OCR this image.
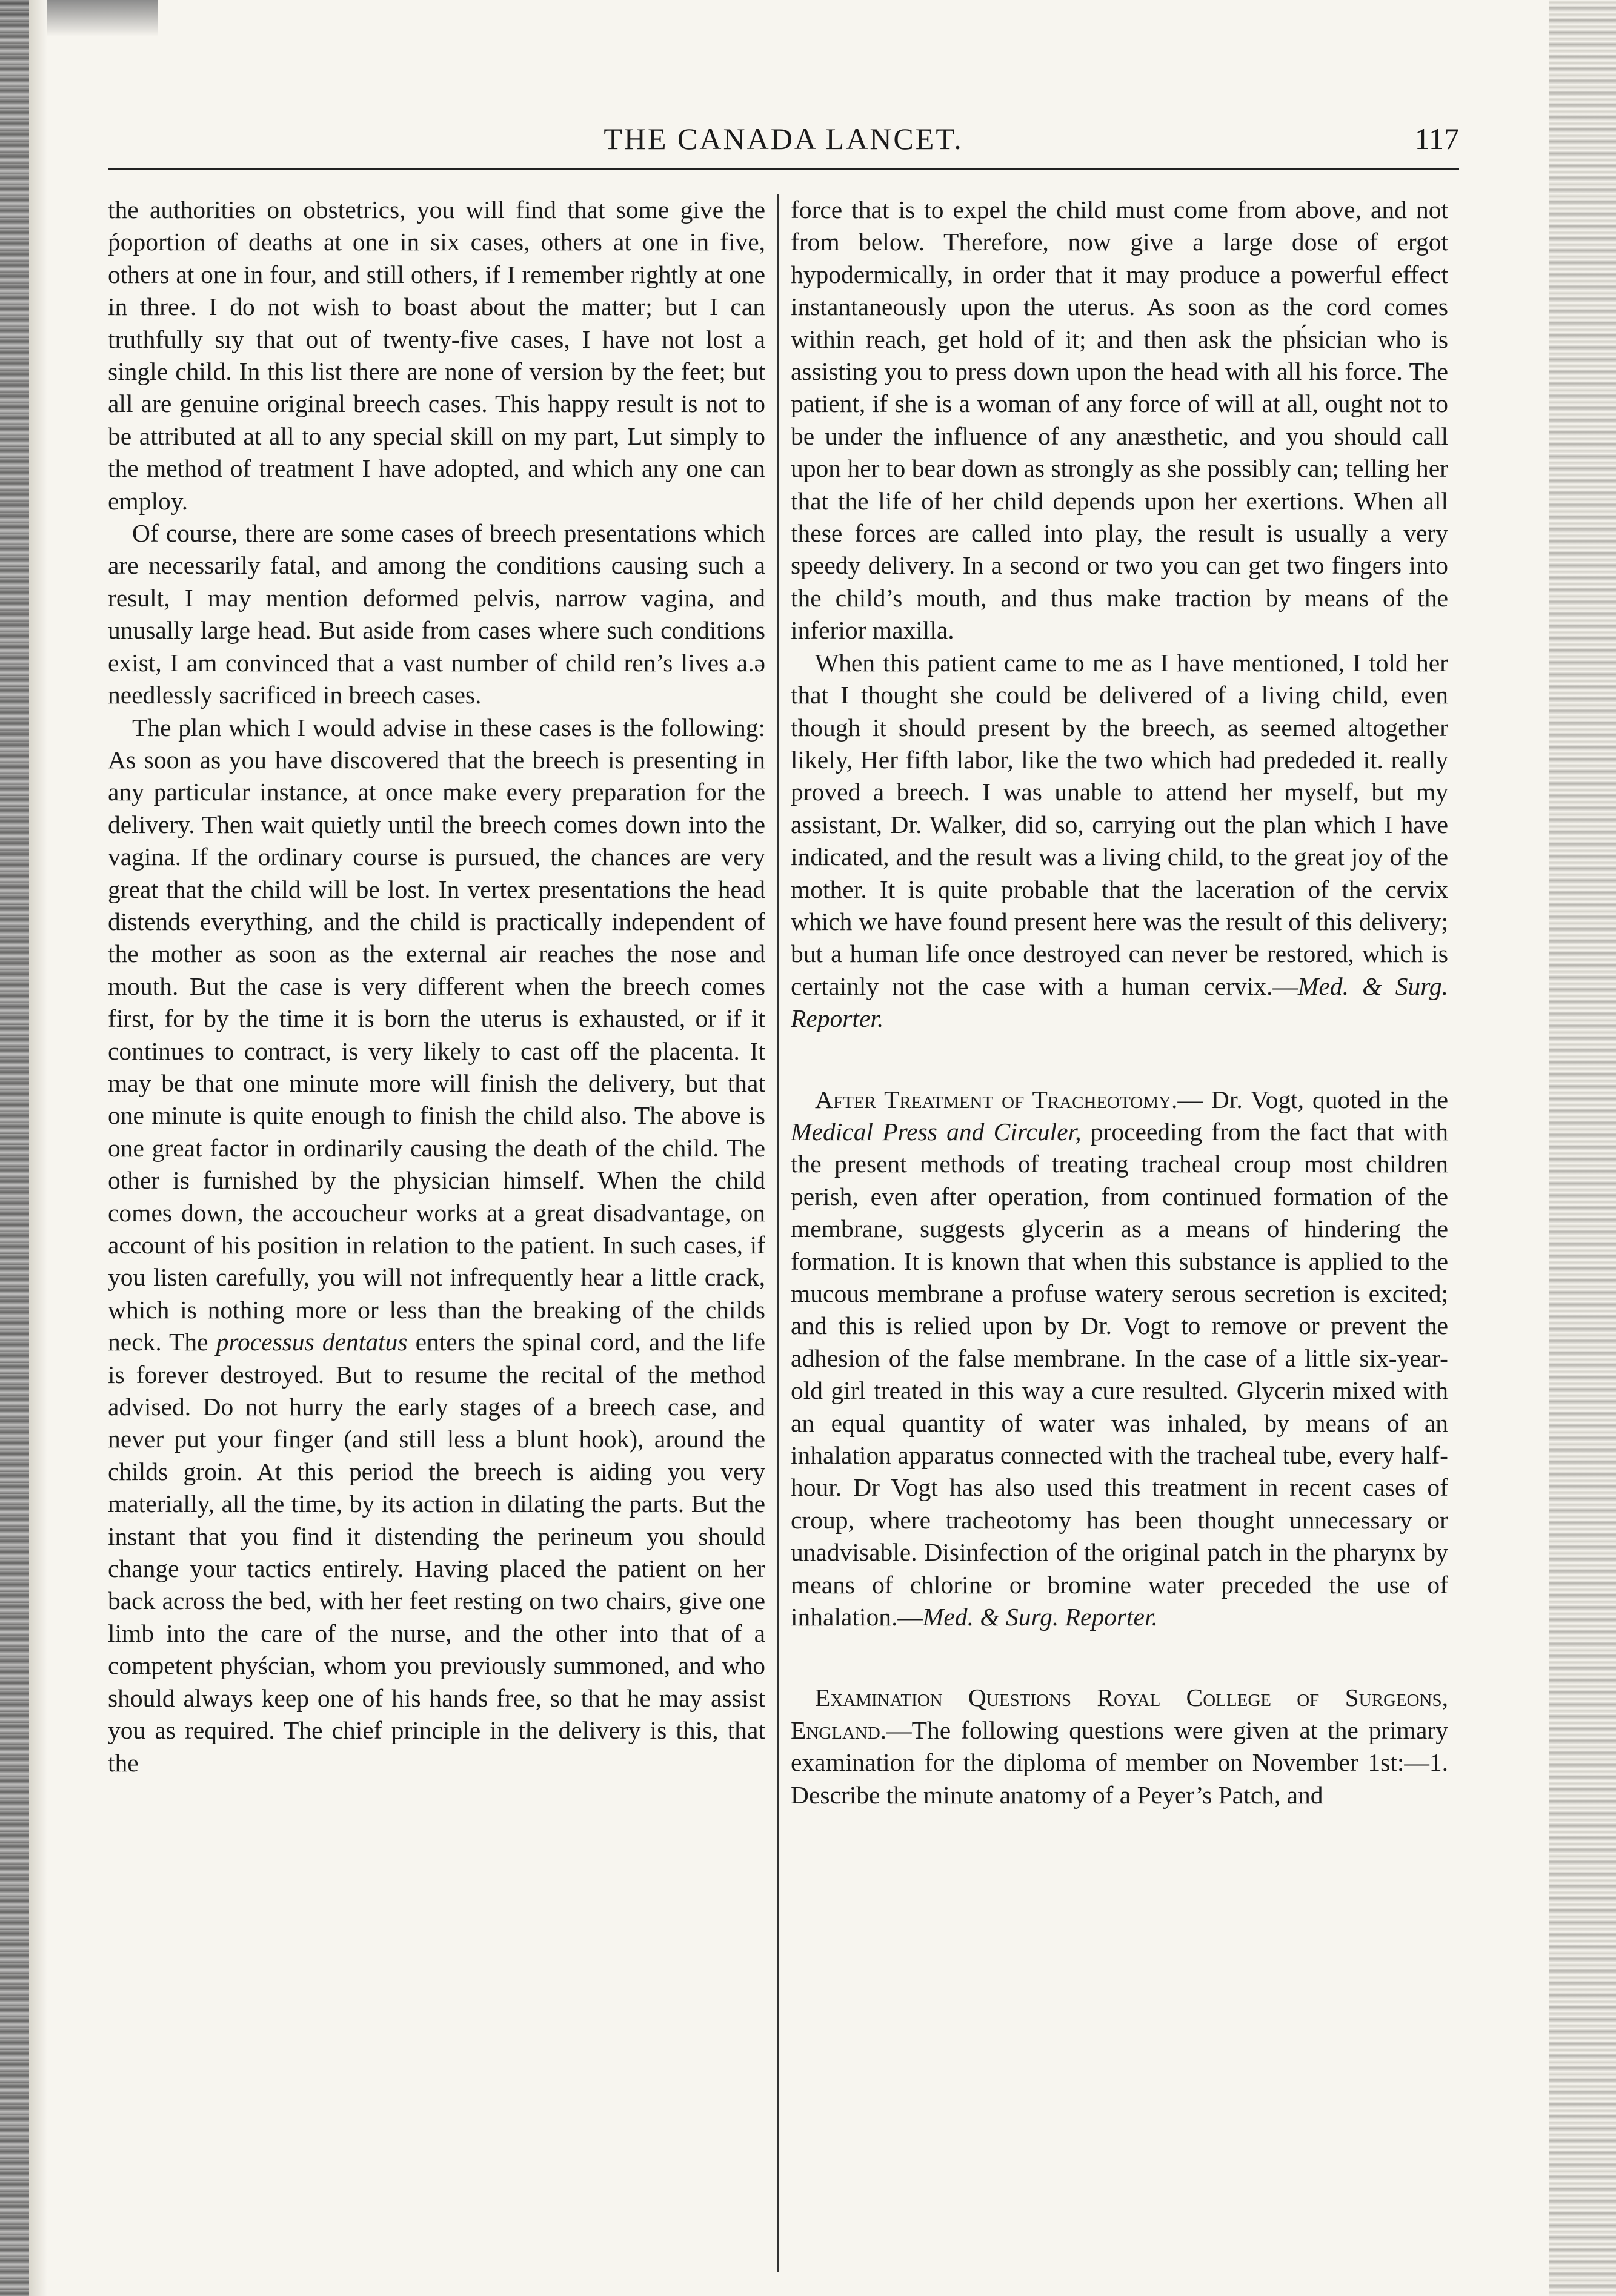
THE CANADA LANCET.	117

the authorities on obstetrics, you will find that some give the ṕoportion of deaths at one in six cases, others at one in five, others at one in four, and still others, if I remember rightly at one in three. I do not wish to boast about the matter; but I can truthfully sıy that out of twenty-five cases, I have not lost a single child. In this list there are none of version by the feet; but all are genuine original breech cases. This happy result is not to be attributed at all to any special skill on my part, Lut simply to the method of treatment I have adopted, and which any one can employ.

Of course, there are some cases of breech presentations which are necessarily fatal, and among the conditions causing such a result, I may mention deformed pelvis, narrow vagina, and unusally large head. But aside from cases where such conditions exist, I am convinced that a vast number of child ren’s lives a.ə needlessly sacrificed in breech cases.

The plan which I would advise in these cases is the following: As soon as you have discovered that the breech is presenting in any particular instance, at once make every preparation for the delivery. Then wait quietly until the breech comes down into the vagina. If the ordinary course is pursued, the chances are very great that the child will be lost. In vertex presentations the head distends everything, and the child is practically independent of the mother as soon as the external air reaches the nose and mouth. But the case is very different when the breech comes first, for by the time it is born the uterus is exhausted, or if it continues to contract, is very likely to cast off the placenta. It may be that one minute more will finish the delivery, but that one minute is quite enough to finish the child also. The above is one great factor in ordinarily causing the death of the child. The other is furnished by the physician himself. When the child comes down, the accoucheur works at a great disadvantage, on account of his position in relation to the patient. In such cases, if you listen carefully, you will not infrequently hear a little crack, which is nothing more or less than the breaking of the childs neck. The processus dentatus enters the spinal cord, and the life is forever destroyed. But to resume the recital of the method advised. Do not hurry the early stages of a breech case, and never put your finger (and still less a blunt hook), around the childs groin. At this period the breech is aiding you very materially, all the time, by its action in dilating the parts. But the instant that you find it distending the perineum you should change your tactics entirely. Having placed the patient on her back across the bed, with her feet resting on two chairs, give one limb into the care of the nurse, and the other into that of a competent phyścian, whom you previously summoned, and who should always keep one of his hands free, so that he may assist you as required. The chief principle in the delivery is this, that the

force that is to expel the child must come from above, and not from below. Therefore, now give a large dose of ergot hypodermically, in order that it may produce a powerful effect instantaneously upon the uterus. As soon as the cord comes within reach, get hold of it; and then ask the ph́sician who is assisting you to press down upon the head with all his force. The patient, if she is a woman of any force of will at all, ought not to be under the influence of any anæsthetic, and you should call upon her to bear down as strongly as she possibly can; telling her that the life of her child depends upon her exertions. When all these forces are called into play, the result is usually a very speedy delivery. In a second or two you can get two fingers into the child’s mouth, and thus make traction by means of the inferior maxilla.

When this patient came to me as I have mentioned, I told her that I thought she could be delivered of a living child, even though it should present by the breech, as seemed altogether likely, Her fifth labor, like the two which had prededed it. really proved a breech. I was unable to attend her myself, but my assistant, Dr. Walker, did so, carrying out the plan which I have indicated, and the result was a living child, to the great joy of the mother. It is quite probable that the laceration of the cervix which we have found present here was the result of this delivery; but a human life once destroyed can never be restored, which is certainly not the case with a human cervix.—Med. & Surg. Reporter.

After Treatment of Tracheotomy.— Dr. Vogt, quoted in the Medical Press and Circuler, proceeding from the fact that with the present methods of treating tracheal croup most children perish, even after operation, from continued formation of the membrane, suggests glycerin as a means of hindering the formation. It is known that when this substance is applied to the mucous membrane a profuse watery serous secretion is excited; and this is relied upon by Dr. Vogt to remove or prevent the adhesion of the false membrane. In the case of a little six-year-old girl treated in this way a cure resulted. Glycerin mixed with an equal quantity of water was inhaled, by means of an inhalation apparatus connected with the tracheal tube, every half-hour. Dr Vogt has also used this treatment in recent cases of croup, where tracheotomy has been thought unnecessary or unadvisable. Disinfection of the original patch in the pharynx by means of chlorine or bromine water preceded the use of inhalation.—Med. & Surg. Reporter.

Examination Questions Royal College of Surgeons, England.—The following questions were given at the primary examination for the diploma of member on November 1st:—1. Describe the minute anatomy of a Peyer’s Patch, and
